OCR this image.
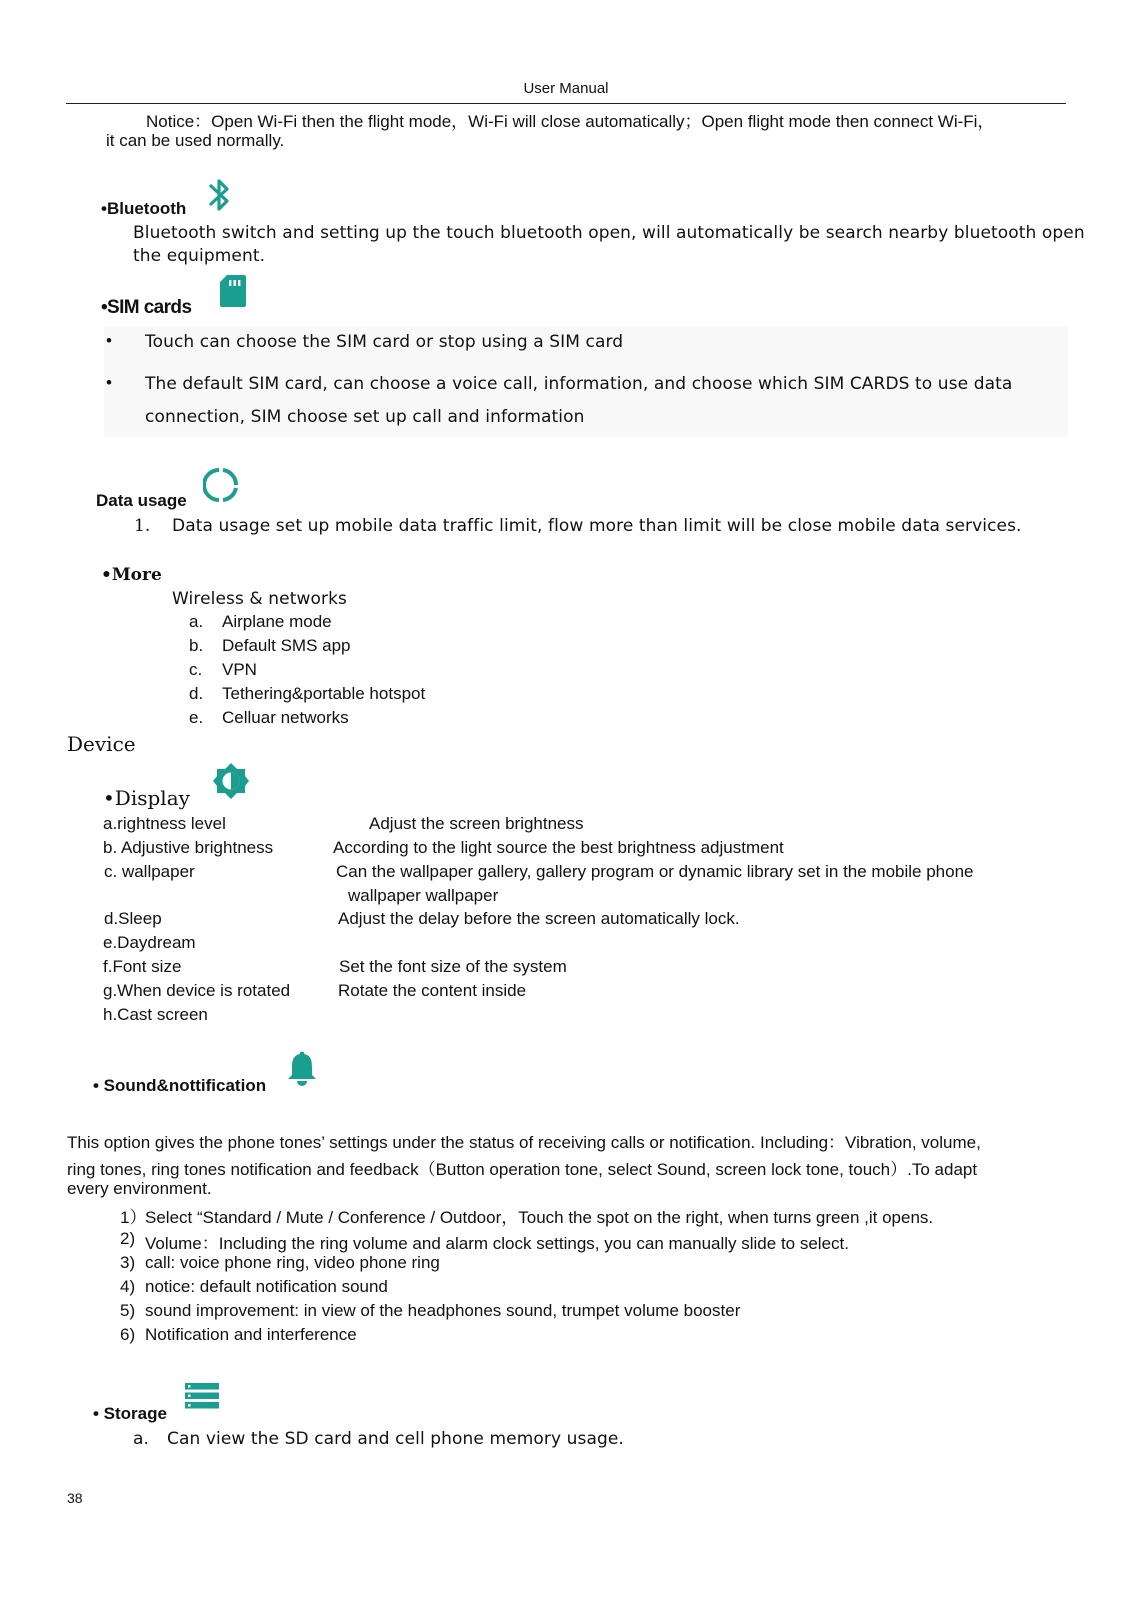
User Manual
Notice：Open Wi-Fi then the flight mode，Wi-Fi will close automatically；Open flight mode then connect Wi-Fi，
it can be used normally.
•Bluetooth
Bluetooth switch and setting up the touch bluetooth open, will automatically be search nearby bluetooth open
the equipment.
•SIM cards
• Touch can choose the SIM card or stop using a SIM card
• The default SIM card, can choose a voice call, information, and choose which SIM CARDS to use data
connection, SIM choose set up call and information
Data usage
1. Data usage set up mobile data traffic limit, flow more than limit will be close mobile data services.
•More
Wireless & networks
a. Airplane mode
b. Default SMS app
c. VPN
d. Tethering&portable hotspot
e. Celluar networks
Device
•Display
a.rightness level	Adjust the screen brightness
b. Adjustive brightness	According to the light source the best brightness adjustment
c. wallpaper	Can the wallpaper gallery, gallery program or dynamic library set in the mobile phone
wallpaper wallpaper
d.Sleep	Adjust the delay before the screen automatically lock.
e.Daydream
f.Font size	Set the font size of the system
g.When device is rotated	Rotate the content inside
h.Cast screen
• Sound&nottification
This option gives the phone tones’ settings under the status of receiving calls or notification. Including：Vibration, volume,
ring tones, ring tones notification and feedback（Button operation tone, select Sound, screen lock tone, touch）.To adapt
every environment.
1）
Select “Standard / Mute / Conference / Outdoor，Touch the spot on the right, when turns green ,it opens.
2) Volume：Including the ring volume and alarm clock settings, you can manually slide to select.
3) call: voice phone ring, video phone ring
4) notice: default notification sound
5) sound improvement: in view of the headphones sound, trumpet volume booster
6) Notification and interference
• Storage
a. Can view the SD card and cell phone memory usage.
38
